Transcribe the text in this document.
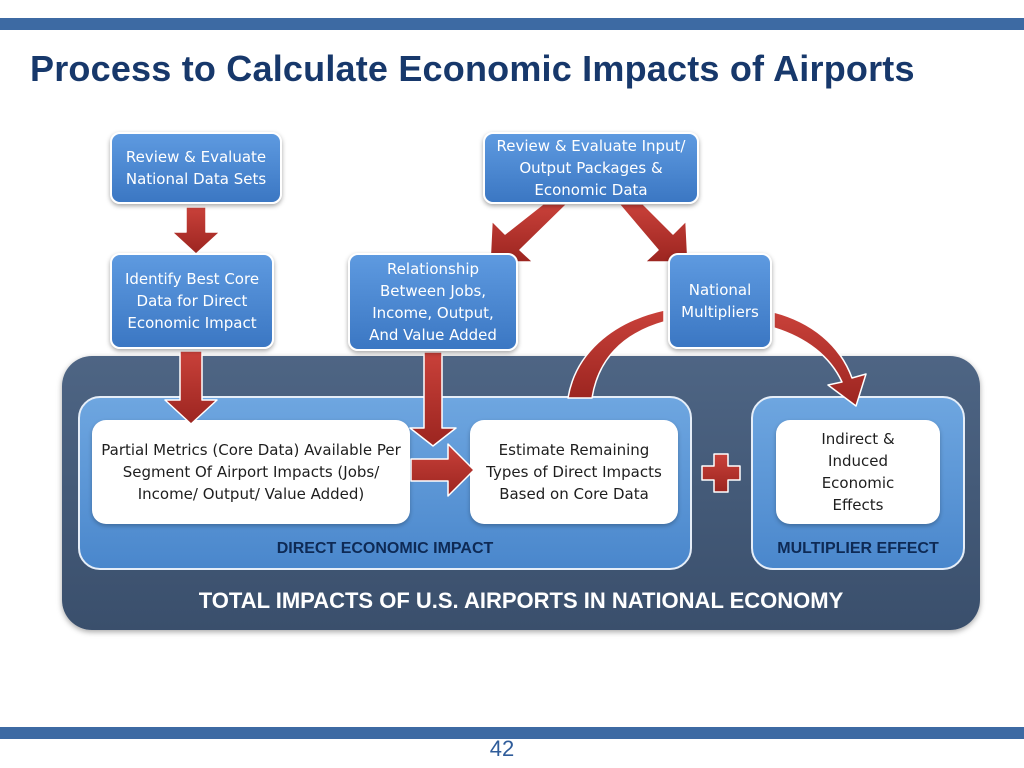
Process to Calculate Economic Impacts of Airports
Partial Metrics (Core Data) Available Per Segment Of Airport Impacts (Jobs/ Income/ Output/ Value Added)
Estimate Remaining Types of Direct Impacts Based on Core Data
Indirect & Induced Economic Effects
DIRECT ECONOMIC IMPACT	MULTIPLIER EFFECT
TOTAL IMPACTS OF U.S. AIRPORTS IN NATIONAL ECONOMY
Review & Evaluate National Data Sets
Identify Best Core Data for Direct Economic Impact
Review & Evaluate Input/ Output Packages & Economic Data
Relationship Between Jobs, Income, Output, And Value Added
National Multipliers
42
